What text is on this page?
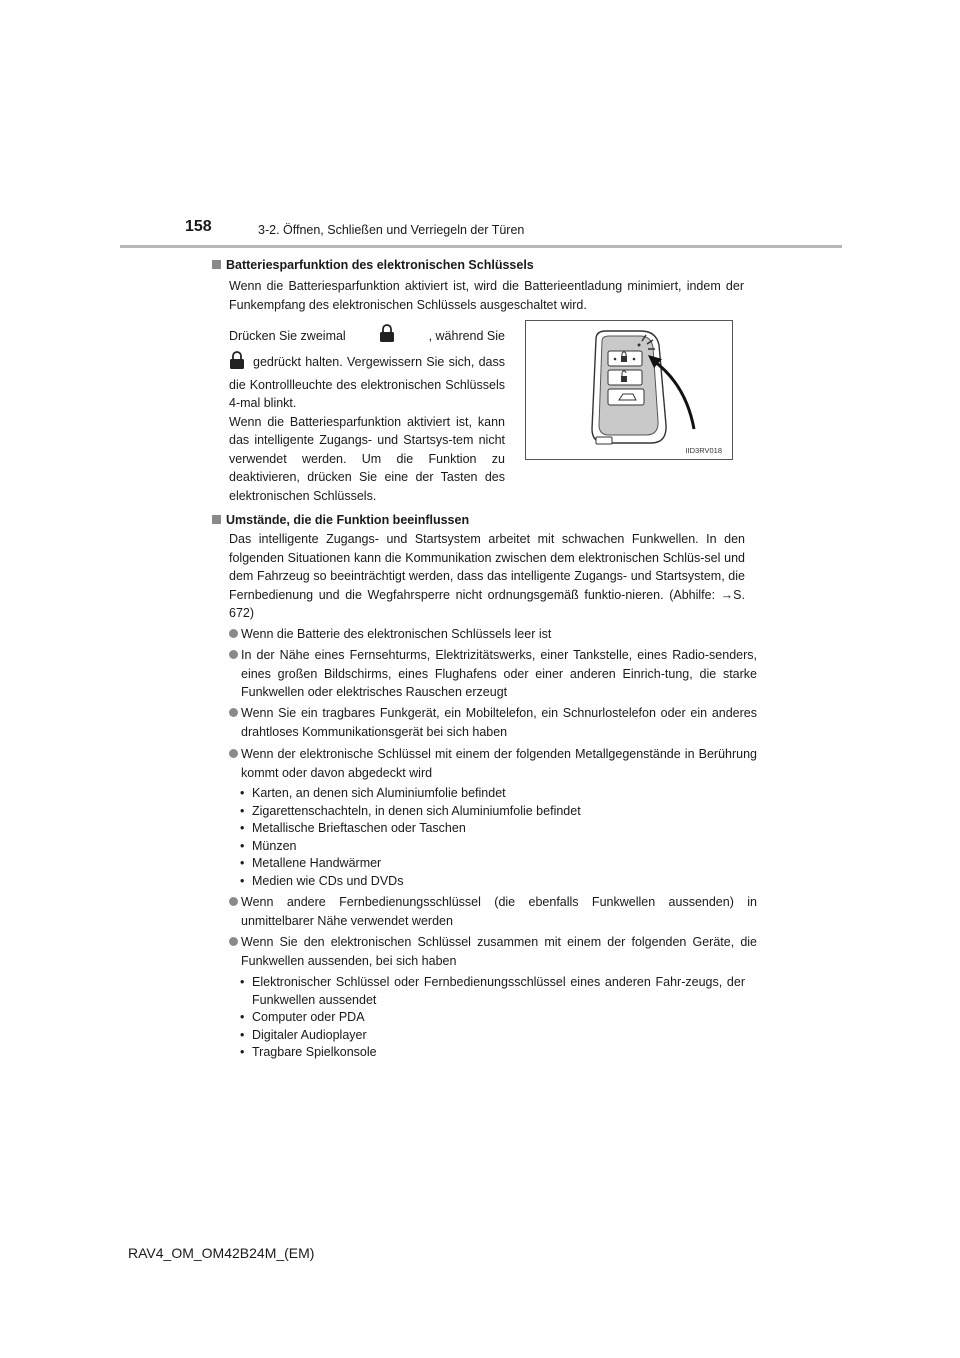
158	3-2. Öffnen, Schließen und Verriegeln der Türen
Batteriesparfunktion des elektronischen Schlüssels
Wenn die Batteriesparfunktion aktiviert ist, wird die Batterieentladung minimiert, indem der Funkempfang des elektronischen Schlüssels ausgeschaltet wird.
Drücken Sie zweimal	, während Sie
gedrückt halten. Vergewissern Sie sich, dass die Kontrollleuchte des elektronischen Schlüssels 4-mal blinkt.
Wenn die Batteriesparfunktion aktiviert ist, kann das intelligente Zugangs- und Startsys-tem nicht verwendet werden. Um die Funktion zu deaktivieren, drücken Sie eine der Tasten des elektronischen Schlüssels.
IID3RV018
Umstände, die die Funktion beeinflussen
Das intelligente Zugangs- und Startsystem arbeitet mit schwachen Funkwellen. In den folgenden Situationen kann die Kommunikation zwischen dem elektronischen Schlüs-sel und dem Fahrzeug so beeinträchtigt werden, dass das intelligente Zugangs- und Startsystem, die Fernbedienung und die Wegfahrsperre nicht ordnungsgemäß funktio-nieren. (Abhilfe: →S. 672)
Wenn die Batterie des elektronischen Schlüssels leer ist
In der Nähe eines Fernsehturms, Elektrizitätswerks, einer Tankstelle, eines Radio-senders, eines großen Bildschirms, eines Flughafens oder einer anderen Einrich-tung, die starke Funkwellen oder elektrisches Rauschen erzeugt
Wenn Sie ein tragbares Funkgerät, ein Mobiltelefon, ein Schnurlostelefon oder ein anderes drahtloses Kommunikationsgerät bei sich haben
Wenn der elektronische Schlüssel mit einem der folgenden Metallgegenstände in Berührung kommt oder davon abgedeckt wird
• Karten, an denen sich Aluminiumfolie befindet
• Zigarettenschachteln, in denen sich Aluminiumfolie befindet
• Metallische Brieftaschen oder Taschen
• Münzen
• Metallene Handwärmer
• Medien wie CDs und DVDs
Wenn andere Fernbedienungsschlüssel (die ebenfalls Funkwellen aussenden) in unmittelbarer Nähe verwendet werden
Wenn Sie den elektronischen Schlüssel zusammen mit einem der folgenden Geräte, die Funkwellen aussenden, bei sich haben
• Elektronischer Schlüssel oder Fernbedienungsschlüssel eines anderen Fahr-zeugs, der Funkwellen aussendet
• Computer oder PDA
• Digitaler Audioplayer
• Tragbare Spielkonsole
RAV4_OM_OM42B24M_(EM)
